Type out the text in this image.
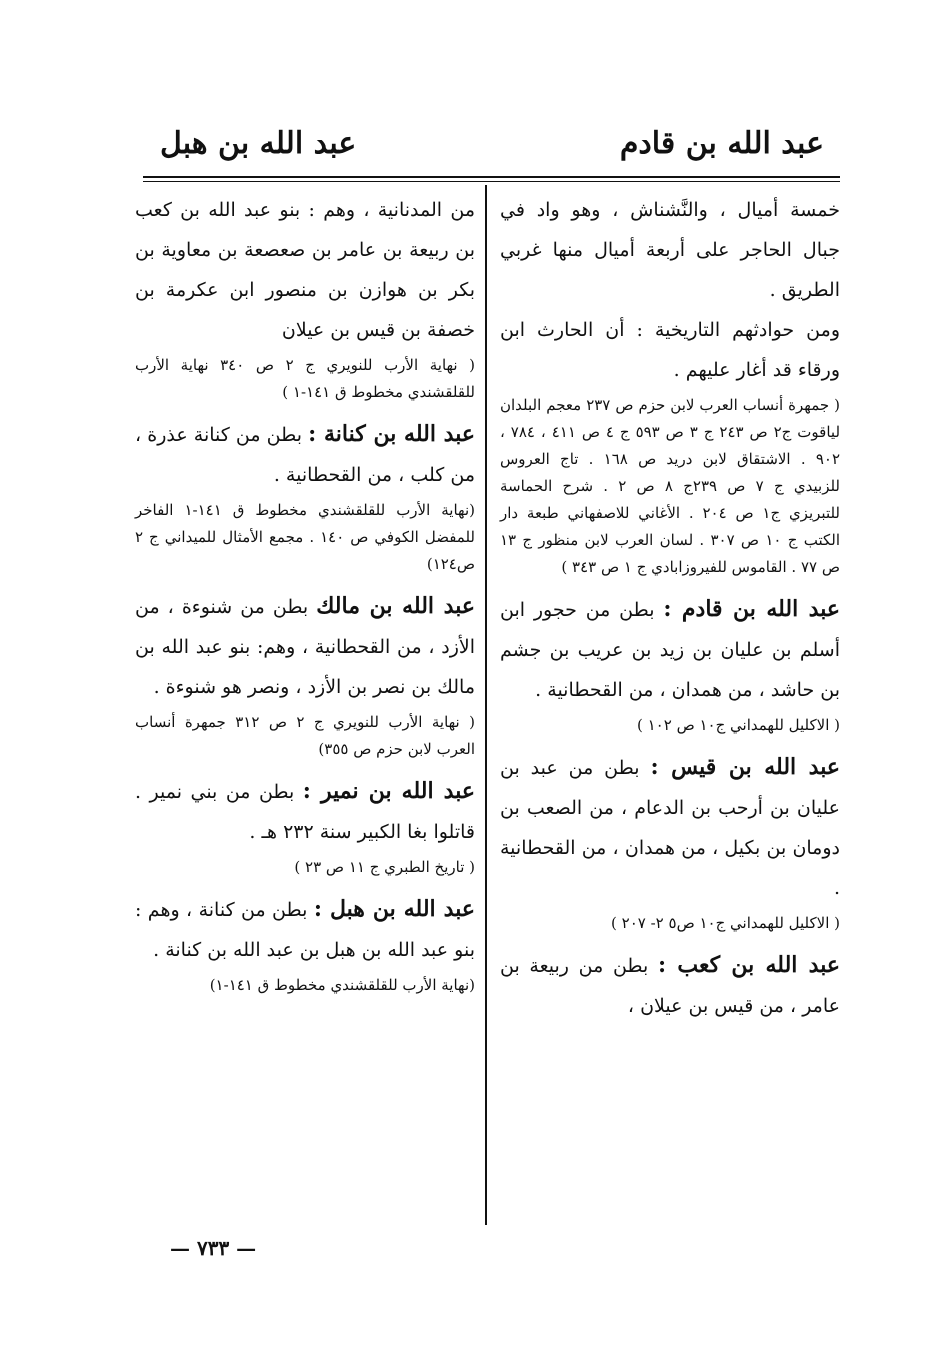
عبد الله بن قادم
عبد الله بن هبل

خمسة أميال ، والنَّشناش ، وهو واد في جبال الحاجر على أربعة أميال منها غربي الطريق .

ومن حوادثهم التاريخية : أن الحارث ابن ورقاء قد أغار عليهم .

( جمهرة أنساب العرب لابن حزم ص ٢٣٧ معجم البلدان لياقوت ج٢ ص ٢٤٣ ج ٣ ص ٥٩٣ ج ٤ ص ٤١١ ، ٧٨٤ ، ٩٠٢ . الاشتقاق لابن دريد ص ١٦٨ . تاج العروس للزبيدي ج ٧ ص ٢٣٩ج ٨ ص ٢ . شرح الحماسة للتبريزي ج١ ص ٢٠٤ . الأغاني للاصفهاني طبعة دار الكتب ج ١٠ ص ٣٠٧ . لسان العرب لابن منظور ج ١٣ ص ٧٧ . القاموس للفيروزابادي ج ١ ص ٣٤٣ )

عبد الله بن قادم : بطن من حجور ابن أسلم بن عليان بن زيد بن عريب بن جشم بن حاشد ، من همدان ، من القحطانية .

( الاكليل للهمداني ج١٠ ص ١٠٢ )

عبد الله بن قيس : بطن من عبد بن عليان بن أرحب بن الدعام ، من الصعب بن دومان بن بكيل ، من همدان ، من القحطانية .

( الاكليل للهمداني ج١٠ ص٥ ٢- ٢٠٧ )

عبد الله بن كعب : بطن من ربيعة بن عامر ، من قيس بن عيلان ،

من المدنانية ، وهم : بنو عبد الله بن كعب بن ربيعة بن عامر بن صعصعة بن معاوية بن بكر بن هوازن بن منصور ابن عكرمة بن خصفة بن قيس بن عيلان

( نهاية الأرب للنويري ج ٢ ص ٣٤٠ نهاية الأرب للقلقشندي مخطوط ق ١٤١-١ )

عبد الله بن كنانة : بطن من كنانة عذرة ، من كلب ، من القحطانية .

(نهاية الأرب للقلقشندي مخطوط ق ١٤١-١ الفاخر للمفضل الكوفي ص ١٤٠ . مجمع الأمثال للميداني ج ٢ ص١٢٤)

عبد الله بن مالك بطن من شنوءة ، من الأزد ، من القحطانية ، وهم: بنو عبد الله بن مالك بن نصر بن الأزد ، ونصر هو شنوءة .

( نهاية الأرب للنويري ج ٢ ص ٣١٢ جمهرة أنساب العرب لابن حزم ص ٣٥٥)

عبد الله بن نمير : بطن من بني نمير . قاتلوا بغا الكبير سنة ٢٣٢ هـ .

( تاريخ الطبري ج ١١ ص ٢٣ )

عبد الله بن هبل : بطن من كنانة ، وهم : بنو عبد الله بن هبل بن عبد الله بن كنانة .

(نهاية الأرب للقلقشندي مخطوط ق ١٤١-١)

— ٧٣٣ —
